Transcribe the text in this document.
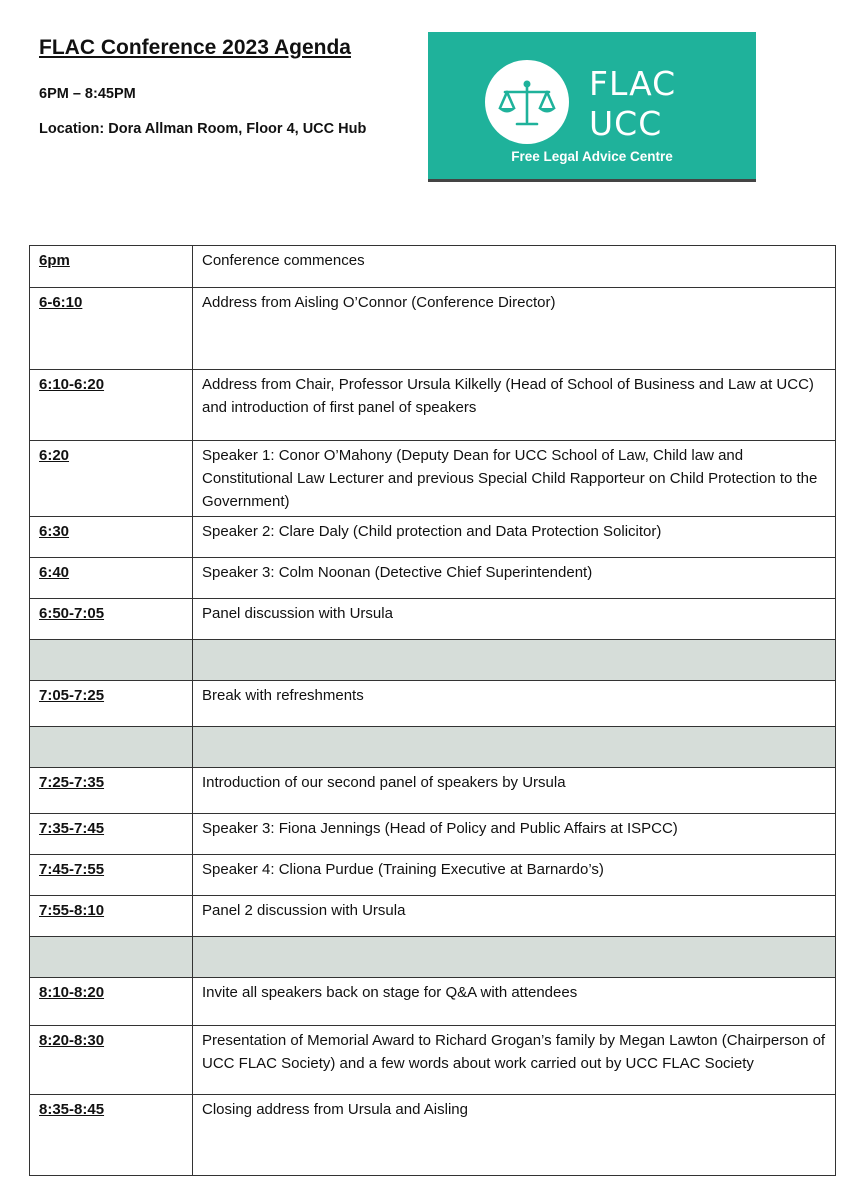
FLAC Conference 2023 Agenda
6PM – 8:45PM
Location: Dora Allman Room, Floor 4, UCC Hub
FLAC
UCC
Free Legal Advice Centre
6pm	Conference commences
6-6:10	Address from Aisling O’Connor (Conference Director)
6:10-6:20	Address from Chair, Professor Ursula Kilkelly (Head of School of Business and Law at UCC) and introduction of first panel of speakers
6:20	Speaker 1: Conor O’Mahony (Deputy Dean for UCC School of Law, Child law and Constitutional Law Lecturer and previous Special Child Rapporteur on Child Protection to the Government)
6:30	Speaker 2: Clare Daly (Child protection and Data Protection Solicitor)
6:40	Speaker 3: Colm Noonan (Detective Chief Superintendent)
6:50-7:05	Panel discussion with Ursula

7:05-7:25	Break with refreshments

7:25-7:35	Introduction of our second panel of speakers by Ursula
7:35-7:45	Speaker 3: Fiona Jennings (Head of Policy and Public Affairs at ISPCC)
7:45-7:55	Speaker 4: Cliona Purdue (Training Executive at Barnardo’s)
7:55-8:10	Panel 2 discussion with Ursula

8:10-8:20	Invite all speakers back on stage for Q&A with attendees
8:20-8:30	Presentation of Memorial Award to Richard Grogan’s family by Megan Lawton (Chairperson of UCC FLAC Society) and a few words about work carried out by UCC FLAC Society
8:35-8:45	Closing address from Ursula and Aisling
